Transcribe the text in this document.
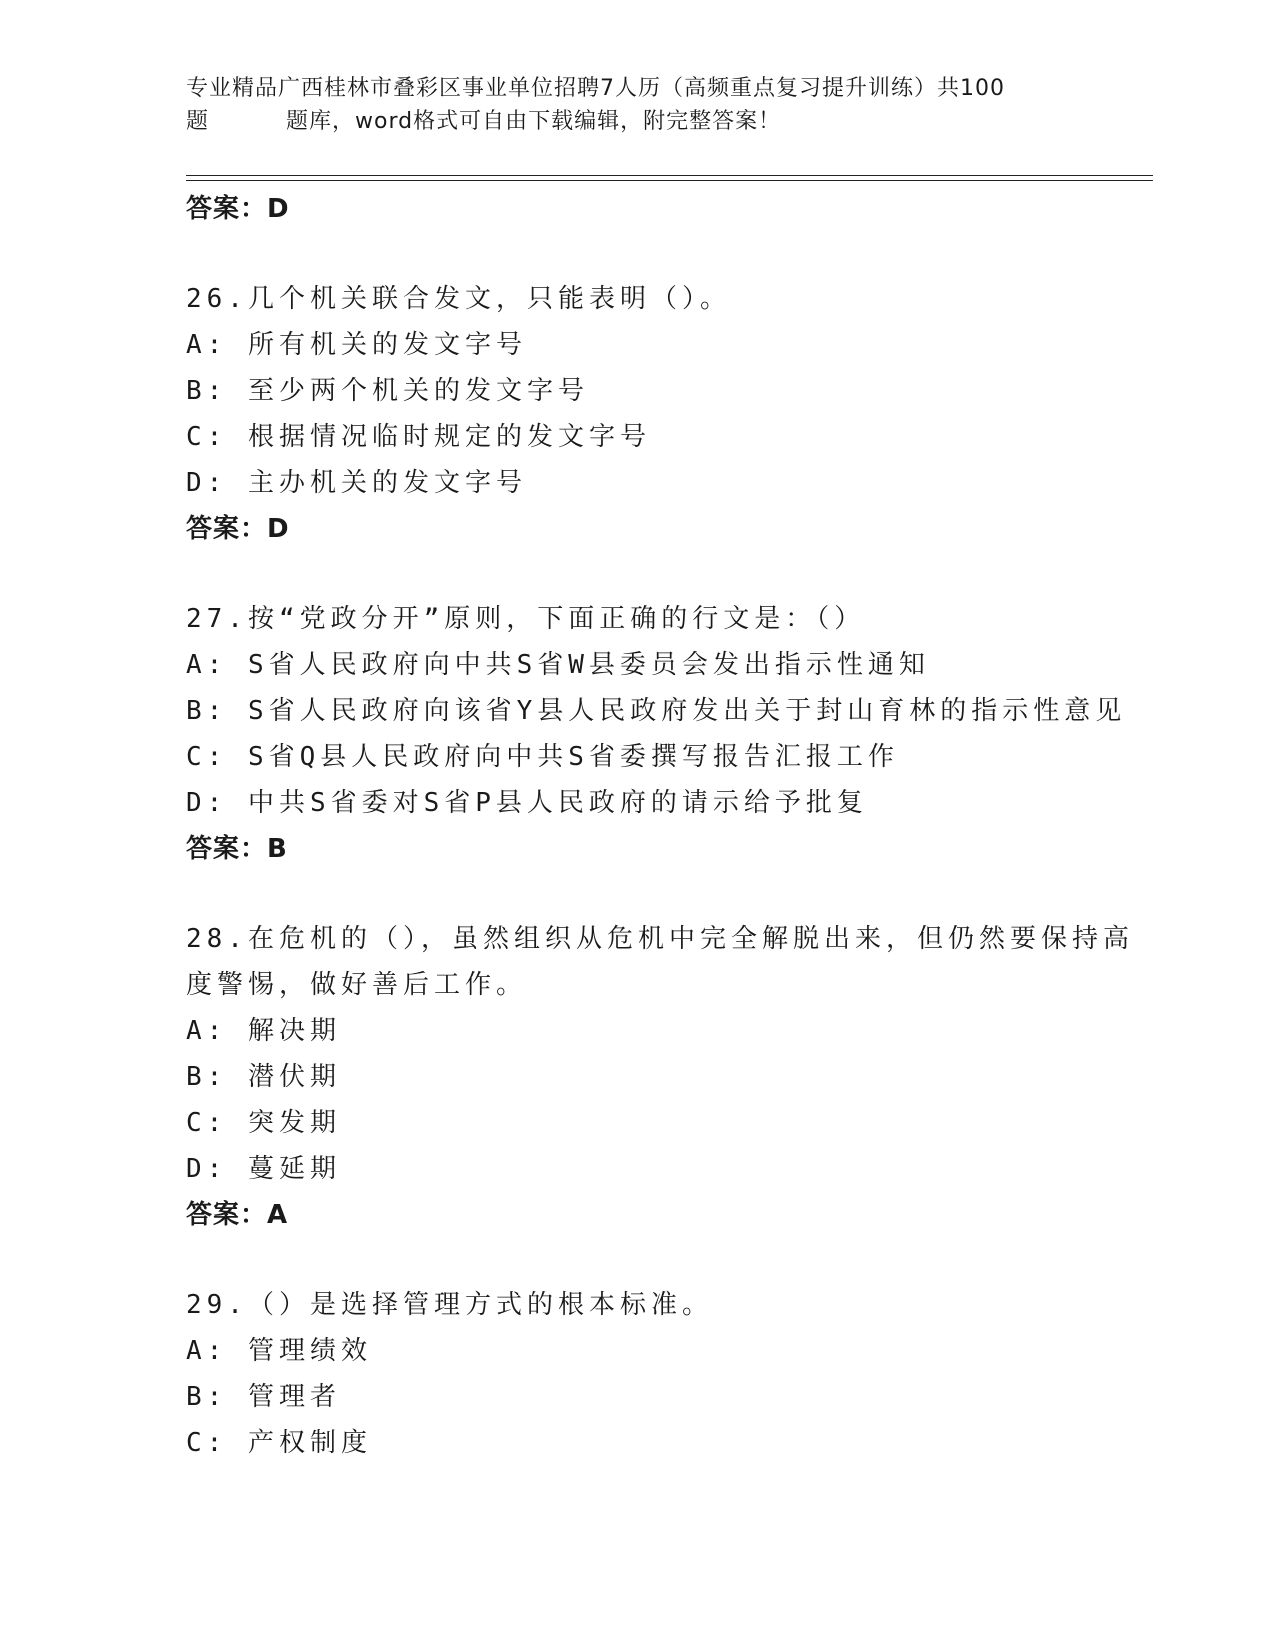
专业精品广西桂林市叠彩区事业单位招聘7人历（高频重点复习提升训练）共100
题	题库，word格式可自由下载编辑，附完整答案！
答案：D
26.几个机关联合发文，只能表明（）。
A: 所有机关的发文字号
B: 至少两个机关的发文字号
C: 根据情况临时规定的发文字号
D: 主办机关的发文字号
答案：D
27.按“党政分开”原则，下面正确的行文是：（）
A: S省人民政府向中共S省W县委员会发出指示性通知
B: S省人民政府向该省Y县人民政府发出关于封山育林的指示性意见
C: S省Q县人民政府向中共S省委撰写报告汇报工作
D: 中共S省委对S省P县人民政府的请示给予批复
答案：B
28.在危机的（），虽然组织从危机中完全解脱出来，但仍然要保持高
度警惕，做好善后工作。
A: 解决期
B: 潜伏期
C: 突发期
D: 蔓延期
答案：A
29.（）是选择管理方式的根本标准。
A: 管理绩效
B: 管理者
C: 产权制度
